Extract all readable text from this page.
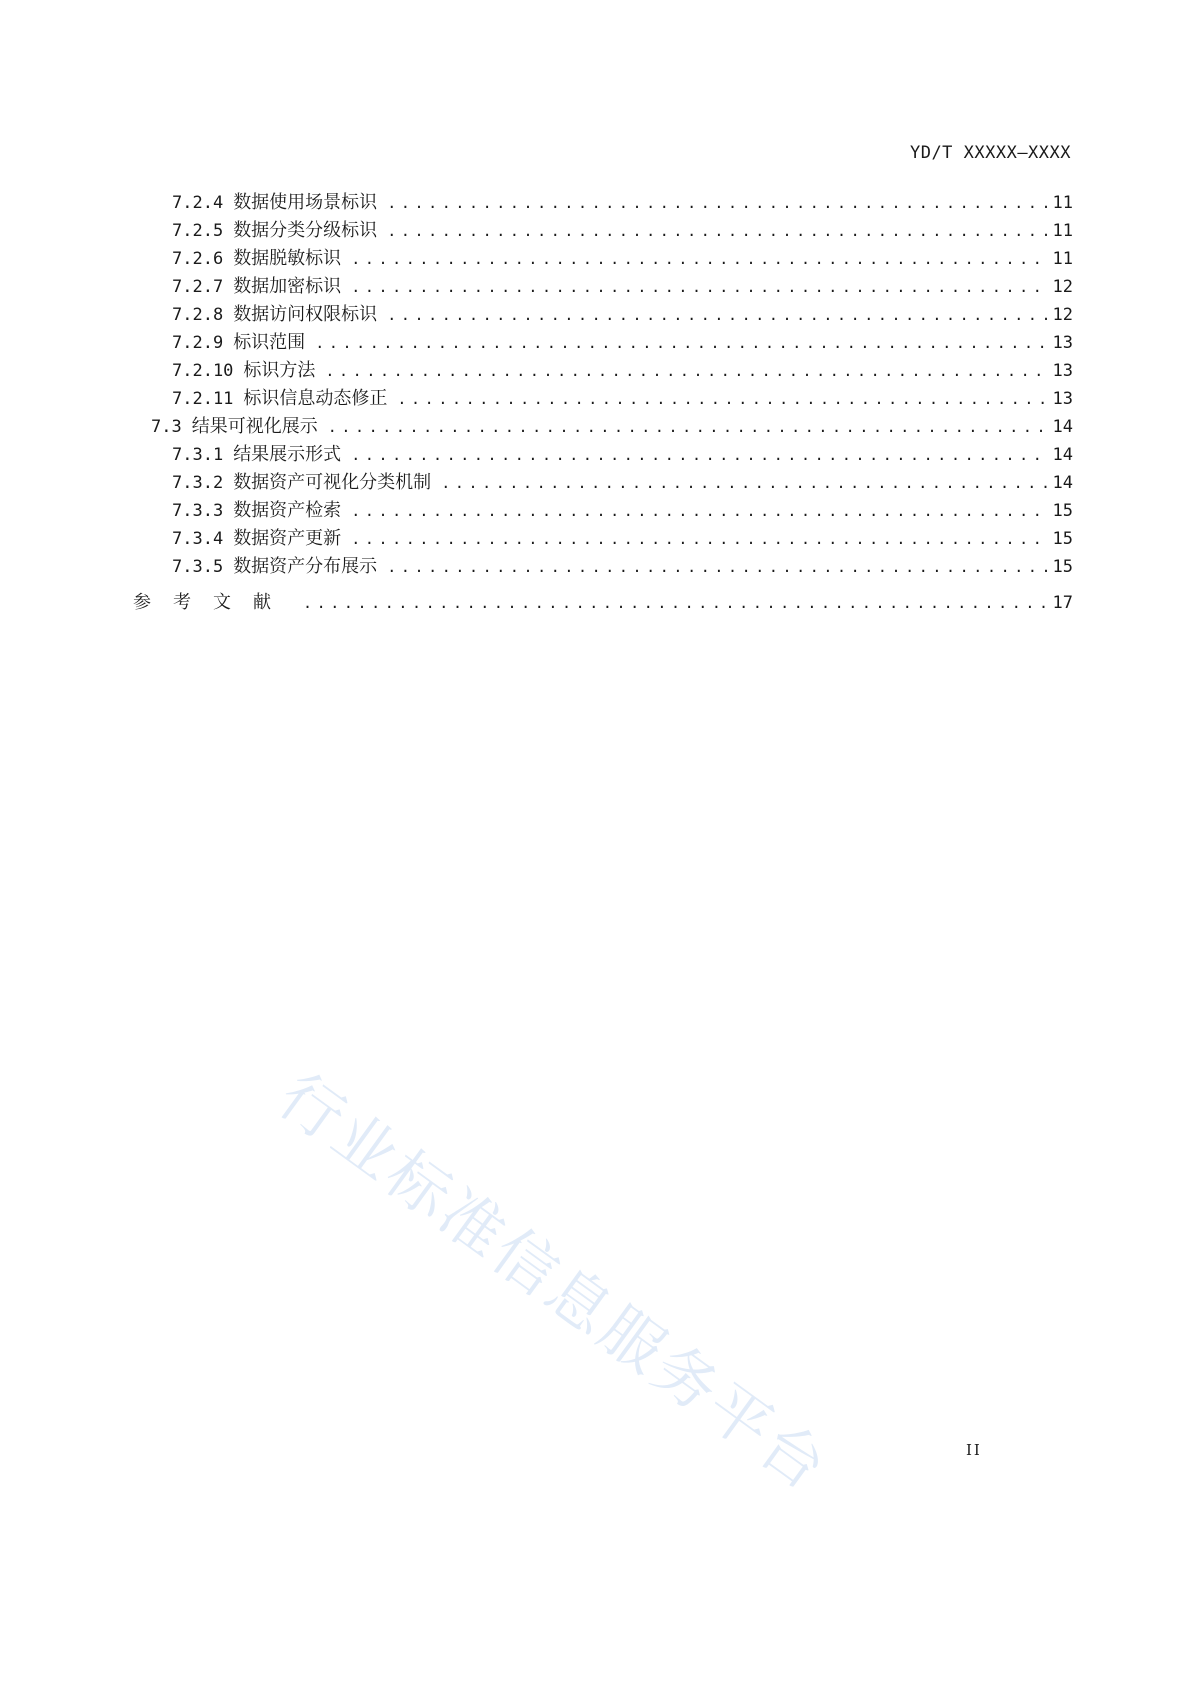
YD/T XXXXX—XXXX
7.2.4 数据使用场景标识 .....	11
7.2.5 数据分类分级标识 .....	11
7.2.6 数据脱敏标识 .....	11
7.2.7 数据加密标识 .....	12
7.2.8 数据访问权限标识 .....	12
7.2.9 标识范围 .....	13
7.2.10 标识方法 .....	13
7.2.11 标识信息动态修正 .....	13
7.3 结果可视化展示 .....	14
7.3.1 结果展示形式 .....	14
7.3.2 数据资产可视化分类机制 .....	14
7.3.3 数据资产检索 .....	15
7.3.4 数据资产更新 .....	15
7.3.5 数据资产分布展示 .....	15
参考文献 .....	17
行业标准信息服务平台	II
